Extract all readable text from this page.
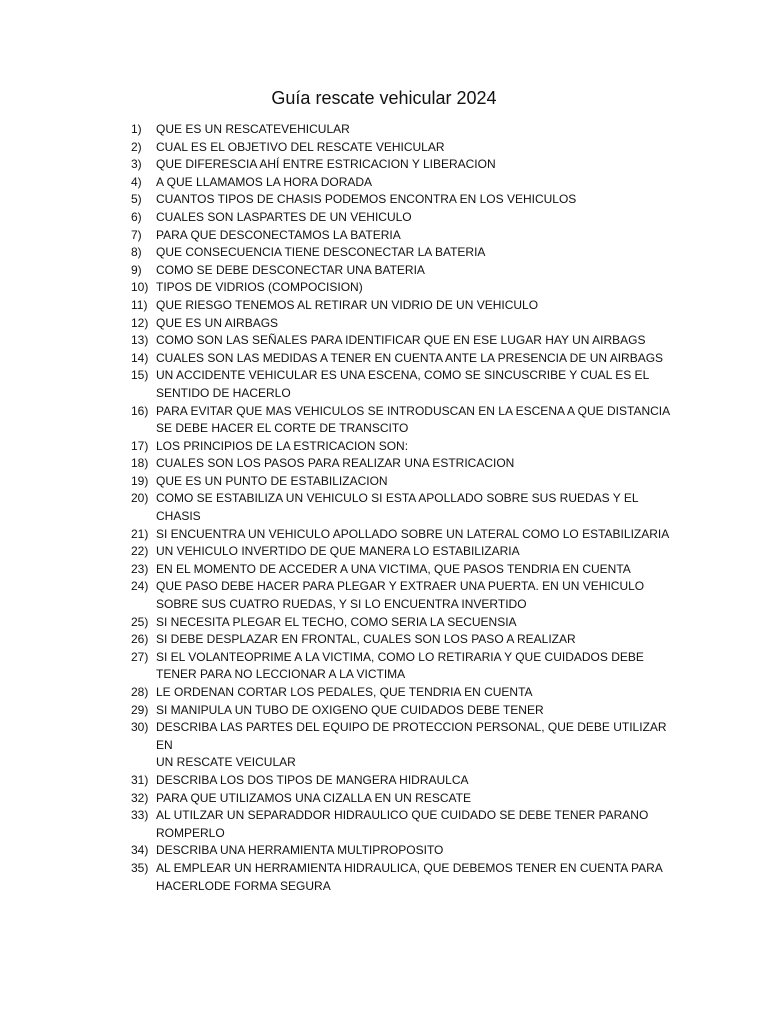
Guía rescate vehicular 2024
1)	QUE ES UN RESCATEVEHICULAR
2)	CUAL ES EL OBJETIVO DEL RESCATE VEHICULAR
3)	QUE DIFERESCIA AHÍ ENTRE ESTRICACION Y LIBERACION
4)	A QUE LLAMAMOS LA HORA DORADA
5)	CUANTOS TIPOS DE CHASIS PODEMOS ENCONTRA EN LOS VEHICULOS
6)	CUALES SON LASPARTES DE UN VEHICULO
7)	PARA QUE DESCONECTAMOS LA BATERIA
8)	QUE CONSECUENCIA TIENE DESCONECTAR LA BATERIA
9)	COMO SE DEBE DESCONECTAR UNA BATERIA
10) TIPOS DE VIDRIOS (COMPOCISION)
11) QUE RIESGO TENEMOS AL RETIRAR UN VIDRIO DE UN VEHICULO
12) QUE ES UN AIRBAGS
13) COMO SON LAS SEÑALES PARA IDENTIFICAR QUE EN ESE LUGAR HAY UN AIRBAGS
14) CUALES SON LAS MEDIDAS A TENER EN CUENTA ANTE LA PRESENCIA DE UN AIRBAGS
15) UN ACCIDENTE VEHICULAR ES UNA ESCENA, COMO SE SINCUSCRIBE Y CUAL ES EL
SENTIDO DE HACERLO
16) PARA EVITAR QUE MAS VEHICULOS SE INTRODUSCAN EN LA ESCENA A QUE DISTANCIA
SE DEBE HACER EL CORTE DE TRANSCITO
17) LOS PRINCIPIOS DE LA ESTRICACION SON:
18) CUALES SON LOS PASOS PARA REALIZAR UNA ESTRICACION
19) QUE ES UN PUNTO DE ESTABILIZACION
20) COMO SE ESTABILIZA UN VEHICULO SI ESTA APOLLADO SOBRE SUS RUEDAS Y EL
CHASIS
21) SI ENCUENTRA UN VEHICULO APOLLADO SOBRE UN LATERAL COMO LO ESTABILIZARIA
22) UN VEHICULO INVERTIDO DE QUE MANERA LO ESTABILIZARIA
23) EN EL MOMENTO DE ACCEDER A UNA VICTIMA, QUE PASOS TENDRIA EN CUENTA
24) QUE PASO DEBE HACER PARA PLEGAR Y EXTRAER UNA PUERTA. EN UN VEHICULO
SOBRE SUS CUATRO RUEDAS, Y SI LO ENCUENTRA INVERTIDO
25) SI NECESITA PLEGAR EL TECHO, COMO SERIA LA SECUENSIA
26) SI DEBE DESPLAZAR EN FRONTAL, CUALES SON LOS PASO A REALIZAR
27) SI EL VOLANTEOPRIME A LA VICTIMA, COMO LO RETIRARIA Y QUE CUIDADOS DEBE
TENER PARA NO LECCIONAR A LA VICTIMA
28) LE ORDENAN CORTAR LOS PEDALES, QUE TENDRIA EN CUENTA
29) SI MANIPULA UN TUBO DE OXIGENO QUE CUIDADOS DEBE TENER
30) DESCRIBA LAS PARTES DEL EQUIPO DE PROTECCION PERSONAL, QUE DEBE UTILIZAR EN
UN RESCATE VEICULAR
31) DESCRIBA LOS DOS TIPOS DE MANGERA HIDRAULCA
32) PARA QUE UTILIZAMOS UNA CIZALLA EN UN RESCATE
33) AL UTILZAR UN SEPARADDOR HIDRAULICO QUE CUIDADO SE DEBE TENER PARANO
ROMPERLO
34) DESCRIBA UNA HERRAMIENTA MULTIPROPOSITO
35) AL EMPLEAR UN HERRAMIENTA HIDRAULICA, QUE DEBEMOS TENER EN CUENTA PARA
HACERLODE FORMA SEGURA
